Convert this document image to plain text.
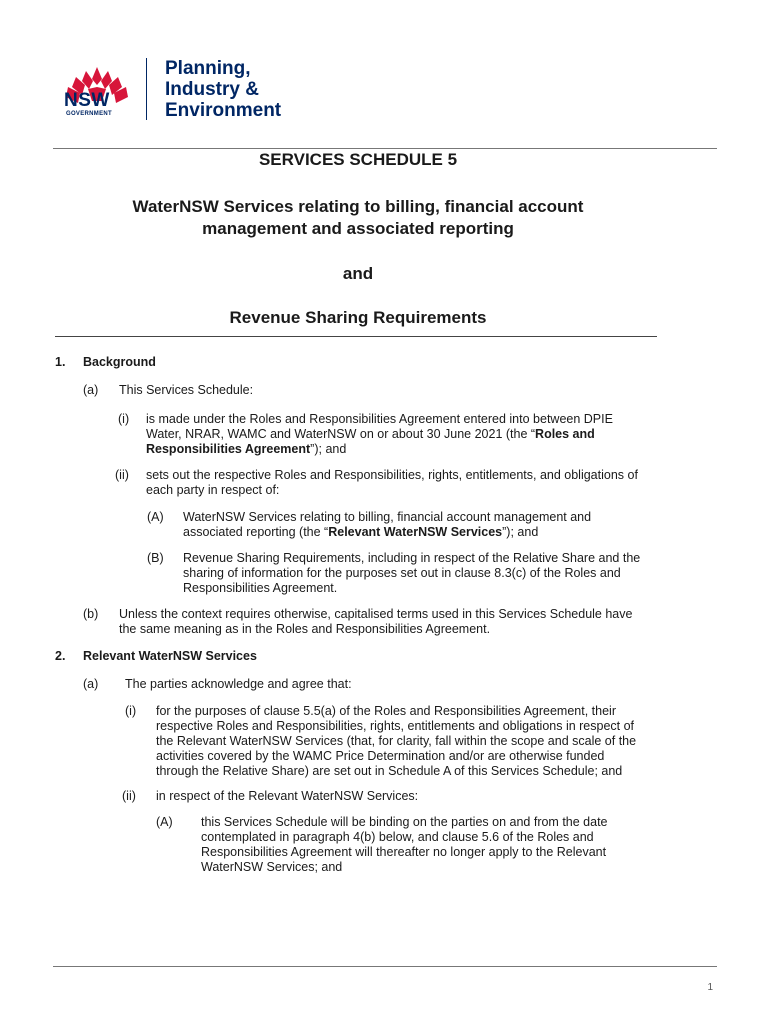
NSW
GOVERNMENT
Planning,
Industry &
Environment
SERVICES SCHEDULE 5
WaterNSW Services relating to billing, financial account
management and associated reporting
and
Revenue Sharing Requirements
1. Background
(a) This Services Schedule:
(i) is made under the Roles and Responsibilities Agreement entered into between DPIE
Water, NRAR, WAMC and WaterNSW on or about 30 June 2021 (the “Roles and
Responsibilities Agreement”); and
(ii) sets out the respective Roles and Responsibilities, rights, entitlements, and obligations of
each party in respect of:
(A) WaterNSW Services relating to billing, financial account management and
associated reporting (the “Relevant WaterNSW Services”); and
(B) Revenue Sharing Requirements, including in respect of the Relative Share and the
sharing of information for the purposes set out in clause 8.3(c) of the Roles and
Responsibilities Agreement.
(b) Unless the context requires otherwise, capitalised terms used in this Services Schedule have
the same meaning as in the Roles and Responsibilities Agreement.
2. Relevant WaterNSW Services
(a) The parties acknowledge and agree that:
(i) for the purposes of clause 5.5(a) of the Roles and Responsibilities Agreement, their
respective Roles and Responsibilities, rights, entitlements and obligations in respect of
the Relevant WaterNSW Services (that, for clarity, fall within the scope and scale of the
activities covered by the WAMC Price Determination and/or are otherwise funded
through the Relative Share) are set out in Schedule A of this Services Schedule; and
(ii) in respect of the Relevant WaterNSW Services:
(A) this Services Schedule will be binding on the parties on and from the date
contemplated in paragraph 4(b) below, and clause 5.6 of the Roles and
Responsibilities Agreement will thereafter no longer apply to the Relevant
WaterNSW Services; and
1
